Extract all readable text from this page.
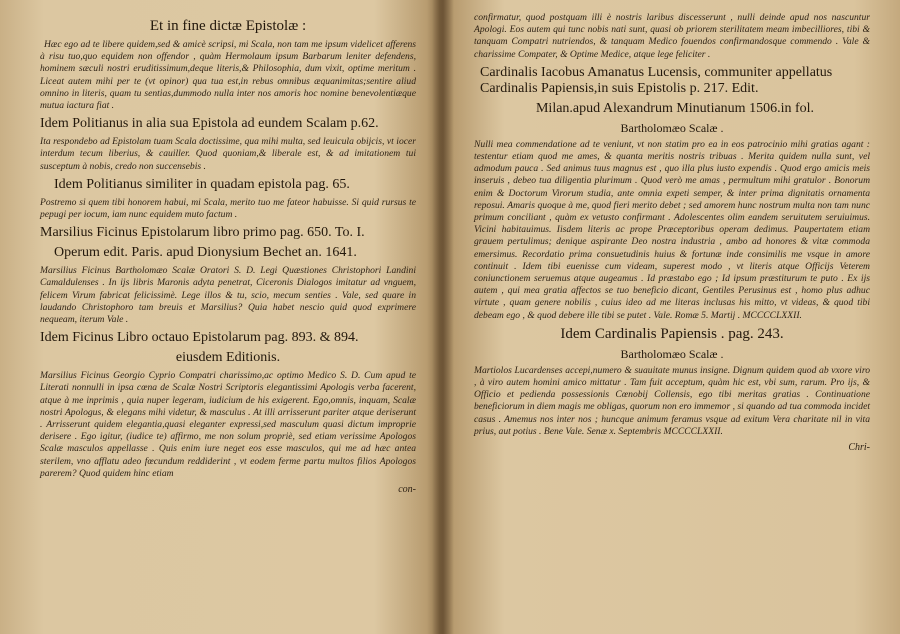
Et in fine dictæ Epistolæ :

Hæc ego ad te libere quidem,sed & amicè scripsi, mi Scala, non tam me ipsum videlicet afferens à risu tuo,quo equidem non offendor , quàm Hermolaum ipsum Barbarum leniter defendens, hominem sæculi nostri eruditissimum,deque literis,& Philosophia, dum vixit, optime meritum . Liceat autem mihi per te (vt opinor) qua tua est,in rebus omnibus æquanimitas;sentire aliud omnino in literis, quam tu sentias,dummodo nulla inter nos amoris hoc nomine benevolentiæque mutua iactura fiat .

Idem Politianus in alia sua Epistola ad eundem Scalam p.62.

Ita respondebo ad Epistolam tuam Scala doctissime, qua mihi multa, sed leuicula obijcis, vt iocer interdum tecum liberius, & cauiller. Quod quoniam,& liberale est, & ad imitationem tui susceptum à nobis, credo non succensebis .

Idem Politianus similiter in quadam epistola pag. 65.

Postremo si quem tibi honorem habui, mi Scala, merito tuo me fateor habuisse. Si quid rursus te pepugi per iocum, iam nunc equidem muto factum .

Marsilius Ficinus Epistolarum libro primo pag. 650. To. I.
Operum edit. Paris. apud Dionysium Bechet an. 1641.

Marsilius Ficinus Bartholomæo Scalæ Oratori S. D. Legi Quæstiones Christophori Landini Camaldulenses . In ijs libris Maronis adyta penetrat, Ciceronis Dialogos imitatur ad vnguem, felicem Virum fabricat felicissimè. Lege illos & tu, scio, mecum senties . Vale, sed quare in laudando Christophoro tam breuis et Marsilius? Quia habet nescio quid quod exprimere nequeam, iterum Vale .

Idem Ficinus Libro octauo Epistolarum pag. 893. & 894.
eiusdem Editionis.

Marsilius Ficinus Georgio Cyprio Compatri charissimo,ac optimo Medico S. D. Cum apud te Literati nonnulli in ipsa cœna de Scalæ Nostri Scriptoris elegantissimi Apologis verba facerent, atque à me inprimis , quia nuper legeram, iudicium de his exigerent. Ego,omnis, inquam, Scalæ nostri Apologus, & elegans mihi videtur, & masculus . At illi arrisserunt pariter atque deriserunt . Arrisserunt quidem elegantia,quasi eleganter expressi,sed masculum quasi dictum improprie derisere . Ego igitur, (iudice te) affirmo, me non solum propriè, sed etiam verissime Apologos Scalæ masculos appellasse . Quis enim iure neget eos esse masculos, qui me ad hæc antea sterilem, vno afflatu adeo fœcundum reddiderint , vt eodem ferme partu multos filios Apologos parerem? Quod quidem hinc etiam

con-

confirmatur, quod postquam illi è nostris laribus discesserunt , nulli deinde apud nos nascuntur Apologi. Eos autem qui tunc nobis nati sunt, quasi ob priorem sterilitatem meam imbecilliores, tibi & tanquam Compatri nutriendos, & tanquam Medico fouendos confirmandosque commendo . Vale & charissime Compater, & Optime Medice, atque lege feliciter .

Cardinalis Iacobus Amanatus Lucensis, communiter appellatus Cardinalis Papiensis,in suis Epistolis p. 217. Edit.
Milan.apud Alexandrum Minutianum 1506.in fol.
Bartholomæo Scalæ .

Nulli mea commendatione ad te veniunt, vt non statim pro ea in eos patrocinio mihi gratias agant : testentur etiam quod me ames, & quanta meritis nostris tribuas . Merita quidem nulla sunt, vel admodum pauca . Sed animus tuus magnus est , quo illa plus iusto expendis . Quod ergo amicis meis inseruis , debeo tua diligentia plurimum . Quod verò me amas , permultum mihi gratulor . Bonorum enim & Doctorum Virorum studia, ante omnia expeti semper, & inter prima dignitatis ornamenta reposui. Amaris quoque à me, quod fieri merito debet ; sed amorem hunc nostrum multa non tam nunc primum conciliant , quàm ex vetusto confirmant . Adolescentes olim eandem seruitutem seruiuimus. Vicini habitauimus. Iisdem literis ac prope Præceptoribus operam dedimus. Paupertatem etiam grauem pertulimus; denique aspirante Deo nostra industria , ambo ad honores & vitæ commoda emersimus. Recordatio prima consuetudinis huius & fortunæ inde consimilis me vsque in amore continuit . Idem tibi euenisse cum videam, superest modo , vt literis atque Officijs Veterem coniunctionem seruemus atque augeamus . Id præstabo ego ; Id ipsum præstiturum te puto . Ex ijs autem , qui mea gratia affectos se tuo beneficio dicant, Gentiles Perusinus est , homo plus adhuc virtute , quam genere nobilis , cuius ideo ad me literas inclusas his mitto, vt videas, & quod tibi debeam ego , & quod debere ille tibi se putet . Vale. Romæ 5. Martij . MCCCCLXXII.

Idem Cardinalis Papiensis . pag. 243.
Bartholomæo Scalæ .

Martiolos Lucardenses accepi,numero & suauitate munus insigne. Dignum quidem quod ab vxore viro , à viro autem homini amico mittatur . Tam fuit acceptum, quàm hic est, vbi sum, rarum. Pro ijs, & Officio et pedienda possessionis Cœnobij Collensis, ego tibi meritas gratias . Continuatione beneficiorum in diem magis me obligas, quorum non ero immemor , si quando ad tua commoda incidet casus . Amemus nos inter nos ; huncque animum feramus vsque ad exitum Vera charitate nil in vita prius, aut potius . Bene Vale. Senæ x. Septembris MCCCCLXXII.

Chri-
